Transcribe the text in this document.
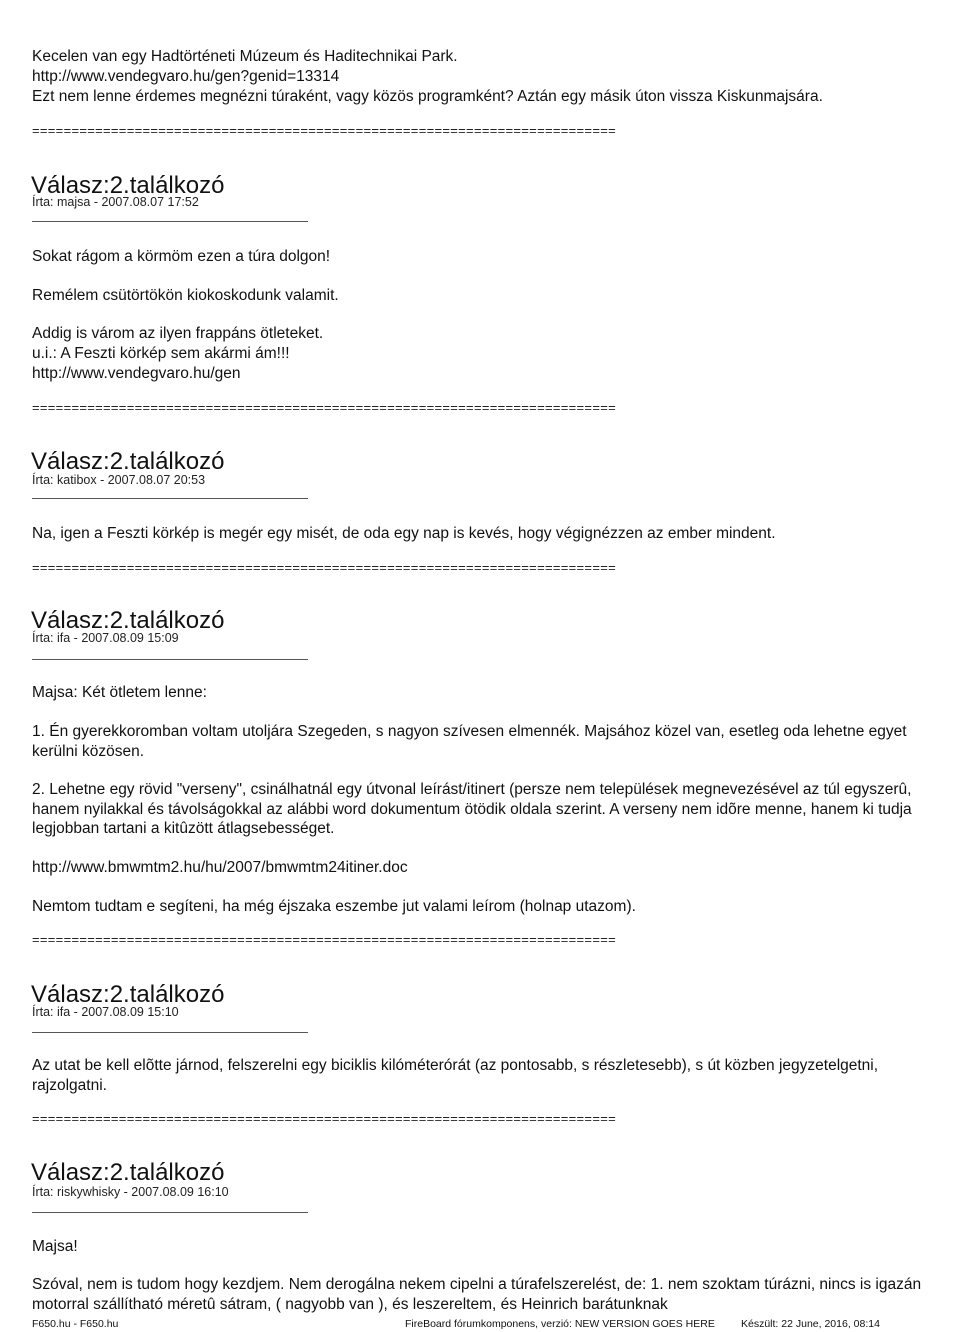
Kecelen van egy Hadtörténeti Múzeum és Haditechnikai Park.
http://www.vendegvaro.hu/gen?genid=13314
Ezt nem lenne érdemes megnézni túraként, vagy közös programként? Aztán egy másik úton vissza Kiskunmajsára.
==========================================================================
Válasz:2.találkozó
Írta: majsa - 2007.08.07 17:52
Sokat rágom a körmöm ezen a túra dolgon!
Remélem csütörtökön kiokoskodunk valamit.
Addig is várom az ilyen frappáns ötleteket.
u.i.: A Feszti körkép sem akármi ám!!!
http://www.vendegvaro.hu/gen
==========================================================================
Válasz:2.találkozó
Írta: katibox - 2007.08.07 20:53
Na, igen a Feszti körkép is megér egy misét, de oda egy nap is kevés, hogy végignézzen az ember mindent.
==========================================================================
Válasz:2.találkozó
Írta: ifa - 2007.08.09 15:09
Majsa: Két ötletem lenne:
1. Én gyerekkoromban voltam utoljára Szegeden, s nagyon szívesen elmennék. Majsához közel van, esetleg oda lehetne egyet kerülni közösen.
2. Lehetne egy rövid "verseny", csinálhatnál egy útvonal leírást/itinert (persze nem települések megnevezésével az túl egyszerû, hanem nyilakkal és távolságokkal az alábbi word dokumentum ötödik oldala szerint. A verseny nem idõre menne, hanem ki tudja legjobban tartani a kitûzött átlagsebességet.
http://www.bmwmtm2.hu/hu/2007/bmwmtm24itiner.doc
Nemtom tudtam e segíteni, ha még éjszaka eszembe jut valami leírom (holnap utazom).
==========================================================================
Válasz:2.találkozó
Írta: ifa - 2007.08.09 15:10
Az utat be kell elõtte járnod, felszerelni egy biciklis kilóméterórát (az pontosabb, s részletesebb), s út közben jegyzetelgetni, rajzolgatni.
==========================================================================
Válasz:2.találkozó
Írta: riskywhisky - 2007.08.09 16:10
Majsa!
Szóval, nem is tudom hogy kezdjem. Nem derogálna nekem cipelni a túrafelszerelést, de: 1. nem szoktam túrázni, nincs is igazán motorral szállítható méretû sátram, ( nagyobb van ), és leszereltem, és Heinrich barátunknak
F650.hu - F650.hu	FireBoard fórumkomponens, verzió: NEW VERSION GOES HERE Készült: 22 June, 2016, 08:14
